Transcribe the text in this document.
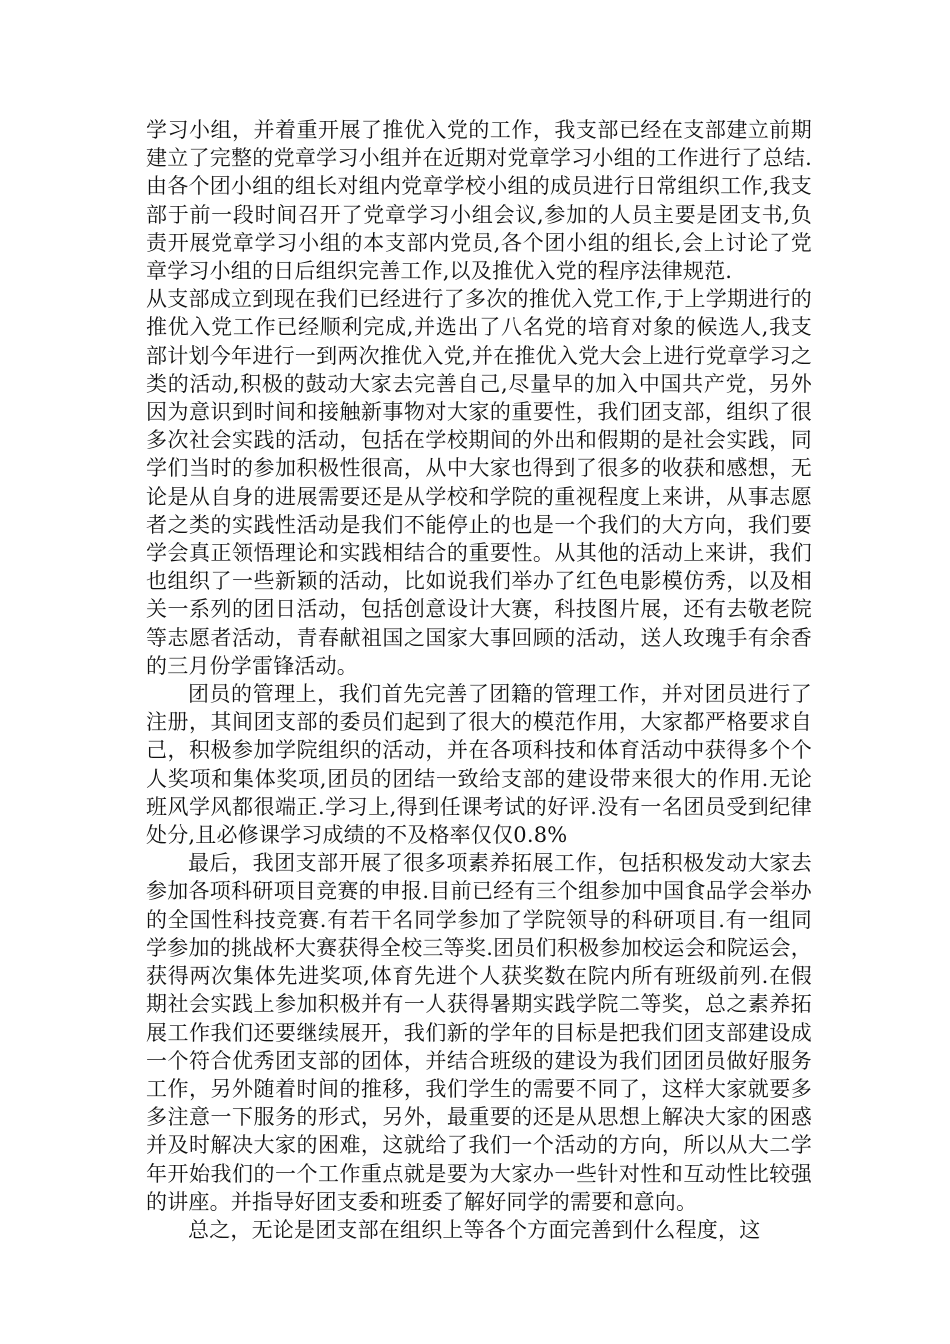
学习小组，并着重开展了推优入党的工作，我支部已经在支部建立前期建立了完整的党章学习小组并在近期对党章学习小组的工作进行了总结.由各个团小组的组长对组内党章学校小组的成员进行日常组织工作,我支部于前一段时间召开了党章学习小组会议,参加的人员主要是团支书,负责开展党章学习小组的本支部内党员,各个团小组的组长,会上讨论了党章学习小组的日后组织完善工作,以及推优入党的程序法律规范.

从支部成立到现在我们已经进行了多次的推优入党工作,于上学期进行的推优入党工作已经顺利完成,并选出了八名党的培育对象的候选人,我支部计划今年进行一到两次推优入党,并在推优入党大会上进行党章学习之类的活动,积极的鼓动大家去完善自己,尽量早的加入中国共产党，另外因为意识到时间和接触新事物对大家的重要性，我们团支部，组织了很多次社会实践的活动，包括在学校期间的外出和假期的是社会实践，同学们当时的参加积极性很高，从中大家也得到了很多的收获和感想，无论是从自身的进展需要还是从学校和学院的重视程度上来讲，从事志愿者之类的实践性活动是我们不能停止的也是一个我们的大方向，我们要学会真正领悟理论和实践相结合的重要性。从其他的活动上来讲，我们也组织了一些新颖的活动，比如说我们举办了红色电影模仿秀，以及相关一系列的团日活动，包括创意设计大赛，科技图片展，还有去敬老院等志愿者活动，青春献祖国之国家大事回顾的活动，送人玫瑰手有余香的三月份学雷锋活动。

团员的管理上，我们首先完善了团籍的管理工作，并对团员进行了注册，其间团支部的委员们起到了很大的模范作用，大家都严格要求自己，积极参加学院组织的活动，并在各项科技和体育活动中获得多个个人奖项和集体奖项,团员的团结一致给支部的建设带来很大的作用.无论班风学风都很端正.学习上,得到任课考试的好评.没有一名团员受到纪律处分,且必修课学习成绩的不及格率仅仅0.8%

最后，我团支部开展了很多项素养拓展工作，包括积极发动大家去参加各项科研项目竞赛的申报.目前已经有三个组参加中国食品学会举办的全国性科技竞赛.有若干名同学参加了学院领导的科研项目.有一组同学参加的挑战杯大赛获得全校三等奖.团员们积极参加校运会和院运会，获得两次集体先进奖项,体育先进个人获奖数在院内所有班级前列.在假期社会实践上参加积极并有一人获得暑期实践学院二等奖，总之素养拓展工作我们还要继续展开，我们新的学年的目标是把我们团支部建设成一个符合优秀团支部的团体，并结合班级的建设为我们团团员做好服务工作，另外随着时间的推移，我们学生的需要不同了，这样大家就要多多注意一下服务的形式，另外，最重要的还是从思想上解决大家的困惑并及时解决大家的困难，这就给了我们一个活动的方向，所以从大二学年开始我们的一个工作重点就是要为大家办一些针对性和互动性比较强的讲座。并指导好团支委和班委了解好同学的需要和意向。

总之，无论是团支部在组织上等各个方面完善到什么程度，这
